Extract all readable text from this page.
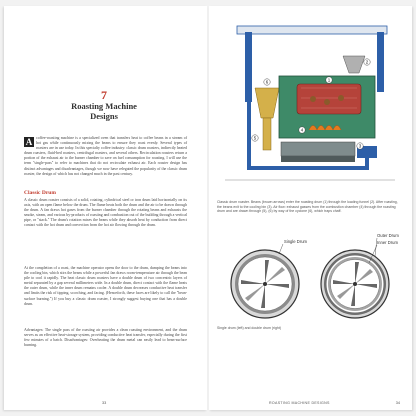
7
Roasting Machine Designs

A coffee-roasting machine is a specialized oven that transfers heat to coffee beans in a stream of hot gas while continuously mixing the beans to ensure they roast evenly. Several types of roasters are in use today. In this specialty coffee industry: classic drum roasters, indirectly heated drum roasters, fluid-bed roasters, centrifugal roasters, and several others. Recirculation roasters return a portion of the exhaust air to the burner chamber to save on fuel consumption for roasting. I will use the term "single-pass" to refer to machines that do not recirculate exhaust air. Each roaster design has distinct advantages and disadvantages, though we now have relegated the popularity of the classic drum roaster, the design of which has not changed much in the past century.

Classic Drum

A classic drum roaster consists of a solid, rotating, cylindrical steel or iron drum laid horizontally on its axis, with an open flame below the drum. The flame heats both the drum and the air to be drawn through the drum. A fan draws hot gases from the burner chamber through the rotating beans and exhausts the smoke, steam, and various by-products of roasting and combustion out of the building through a vertical pipe, or "stack." The drum's rotation mixes the beans while they absorb heat by conduction from direct contact with the hot drum and convection from the hot air flowing through the drum.

At the completion of a roast, the machine operator opens the door to the drum, dumping the beans into the cooling bin, which stirs the beans while a powerful fan draws room-temperature air through the bean pile to cool it rapidly. The heat classic drum roasters have a double drum of two concentric layers of metal separated by a gap several millimeters wide. In a double drum, direct contact with the flame heats the outer drum, while the inner drum remains cooler. A double drum decreases conductive heat transfer and limits the risk of tipping, scorching, and facing. (Henceforth, these faces are likely to call the "bean-surface burning.") If you buy a classic drum roaster, I strongly suggest buying one that has a double drum.

Advantages: The single pass of the roasting air provides a clean roasting environment, and the drum serves as an effective heat-storage system, providing conductive heat transfer, especially during the first few minutes of a batch. Disadvantages: Overheating the drum metal can easily lead to bean-surface burning.

33
2
1
3
4
5
6

Classic drum roaster. Beans (brown arrows) enter the roasting drum (1) through the loading funnel (2). After roasting, the beans exit to the cooling bin (3). Air flow: exhaust gasses from the combustion chamber (4) through the roasting drum and are drawn through (5), (6) by way of the cyclone (6), which traps chaff.

Single Drum
Outer Drum
Inner Drum

Single drum (left) and double drum (right)

ROASTING MACHINE DESIGNS	34
